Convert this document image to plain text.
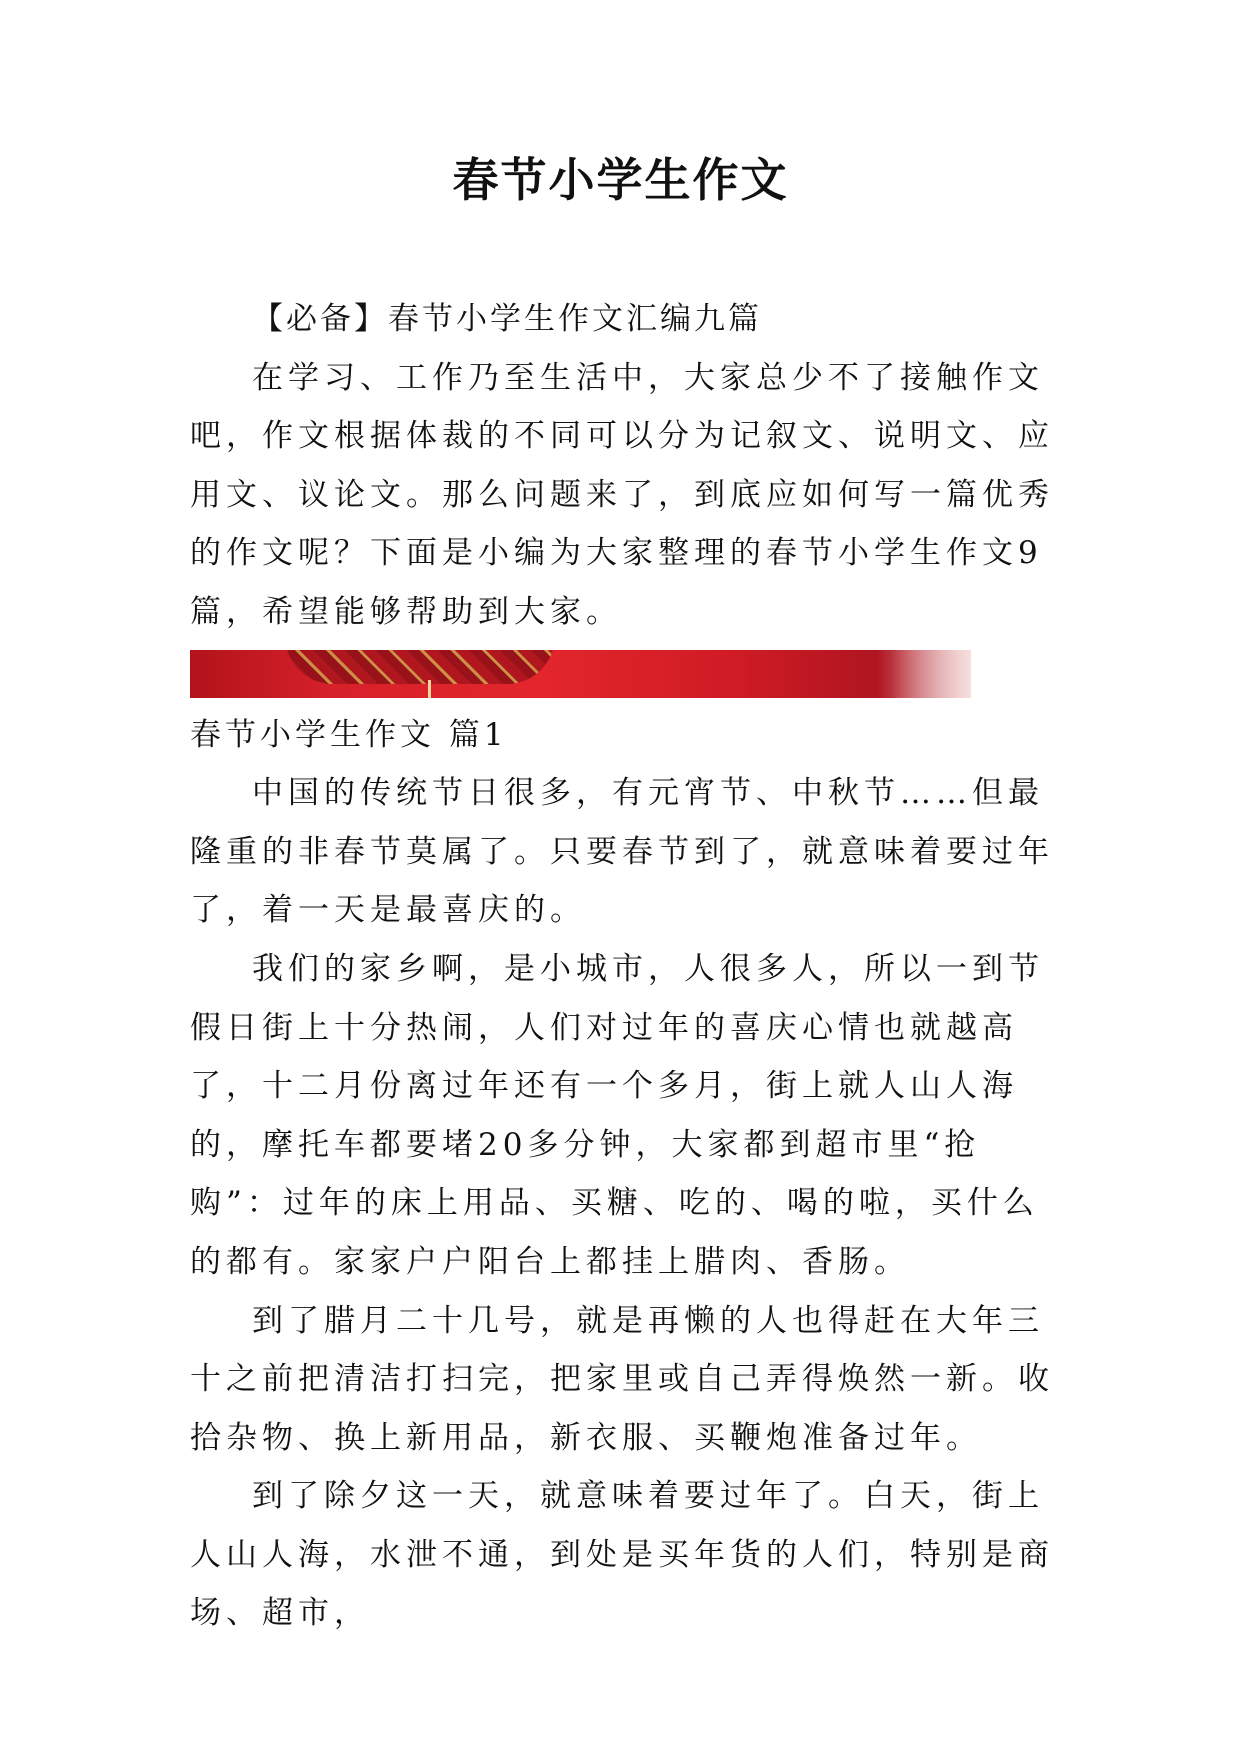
春节小学生作文

【必备】春节小学生作文汇编九篇

在学习、工作乃至生活中，大家总少不了接触作文吧，作文根据体裁的不同可以分为记叙文、说明文、应用文、议论文。那么问题来了，到底应如何写一篇优秀的作文呢？下面是小编为大家整理的春节小学生作文9篇，希望能够帮助到大家。

春节小学生作文 篇1

中国的传统节日很多，有元宵节、中秋节……但最隆重的非春节莫属了。只要春节到了，就意味着要过年了，着一天是最喜庆的。

我们的家乡啊，是小城市，人很多人，所以一到节假日街上十分热闹，人们对过年的喜庆心情也就越高了，十二月份离过年还有一个多月，街上就人山人海的，摩托车都要堵20多分钟，大家都到超市里“抢购”：过年的床上用品、买糖、吃的、喝的啦，买什么的都有。家家户户阳台上都挂上腊肉、香肠。

到了腊月二十几号，就是再懒的人也得赶在大年三十之前把清洁打扫完，把家里或自己弄得焕然一新。收拾杂物、换上新用品，新衣服、买鞭炮准备过年。

到了除夕这一天，就意味着要过年了。白天，街上人山人海，水泄不通，到处是买年货的人们，特别是商场、超市，
